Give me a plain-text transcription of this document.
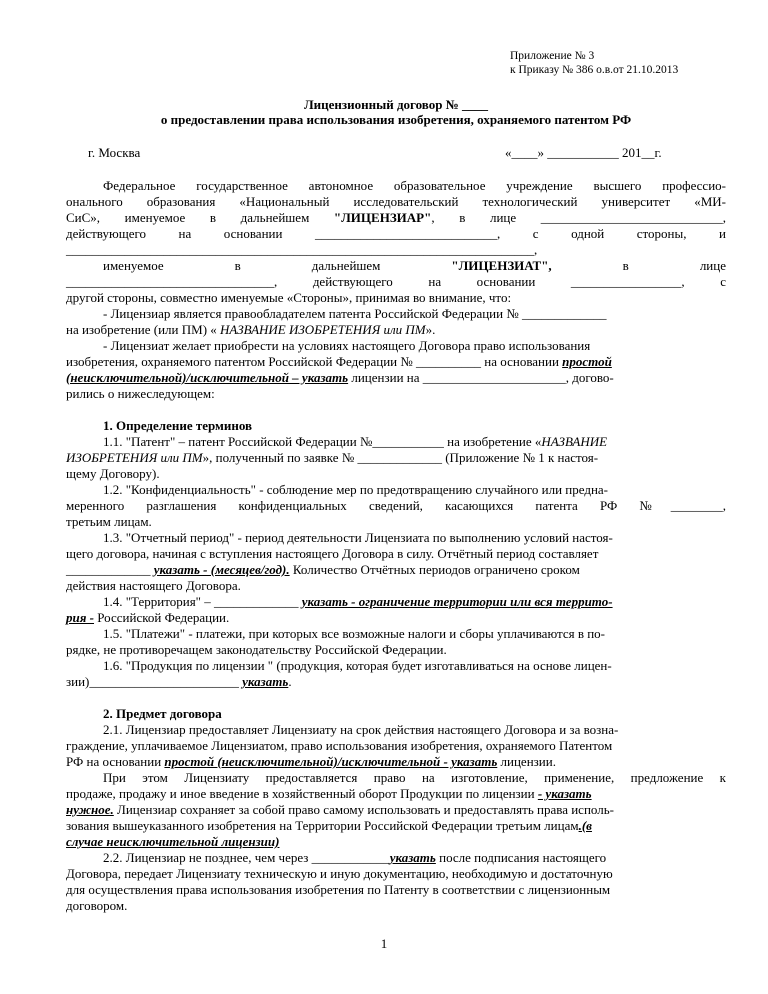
Приложение № 3

к Приказу № 386 о.в.от 21.10.2013

Лицензионный договор № ____

о предоставлении права использования изобретения, охраняемого патентом РФ

г. Москва	«____» ___________ 201__г.

Федеральное государственное автономное образовательное учреждение высшего профессио-

онального образования «Национальный исследовательский технологический университет «МИ-

СиС», именуемое в дальнейшем "ЛИЦЕНЗИАР", в лице ____________________________,

действующего на основании ____________________________, с одной стороны, и

________________________________________________________________________,

именуемое в дальнейшем "ЛИЦЕНЗИАТ", в лице

________________________________, действующего на основании _________________, с

другой стороны, совместно именуемые «Стороны», принимая во внимание, что:

- Лицензиар является правообладателем патента Российской Федерации № _____________

на изобретение (или ПМ) « НАЗВАНИЕ ИЗОБРЕТЕНИЯ или ПМ».

- Лицензиат желает приобрести на условиях настоящего Договора право использования

изобретения, охраняемого патентом Российской Федерации № __________ на основании простой

(неисключительной)/исключительной – указать лицензии на ______________________, догово-

рились о нижеследующем:

1. Определение терминов

1.1. "Патент" – патент Российской Федерации №___________ на изобретение «НАЗВАНИЕ

ИЗОБРЕТЕНИЯ или ПМ», полученный по заявке № _____________ (Приложение № 1 к настоя-

щему Договору).

1.2. "Конфиденциальность" - соблюдение мер по предотвращению случайного или предна-

меренного разглашения конфиденциальных сведений, касающихся патента РФ №________,

третьим лицам.

1.3. "Отчетный период" - период деятельности Лицензиата по выполнению условий настоя-

щего договора, начиная с вступления настоящего Договора в силу. Отчётный период составляет

_____________ указать - (месяцев/год). Количество Отчётных периодов ограничено сроком

действия настоящего Договора.

1.4. "Территория" – _____________ указать - ограничение территории или вся террито-

рия - Российской Федерации.

1.5. "Платежи" - платежи, при которых все возможные налоги и сборы уплачиваются в по-

рядке, не противоречащем законодательству Российской Федерации.

1.6. "Продукция по лицензии " (продукция, которая будет изготавливаться на основе лицен-

зии)_______________________ указать.

2. Предмет договора

2.1. Лицензиар предоставляет Лицензиату на срок действия настоящего Договора и за возна-

граждение, уплачиваемое Лицензиатом, право использования изобретения, охраняемого Патентом

РФ на основании простой (неисключительной)/исключительной - указать лицензии.

При этом Лицензиату предоставляется право на изготовление, применение, предложение к

продаже, продажу и иное введение в хозяйственный оборот Продукции по лицензии - указать

нужное. Лицензиар сохраняет за собой право самому использовать и предоставлять права исполь-

зования вышеуказанного изобретения на Территории Российской Федерации третьим лицам.(в

случае неисключительной лицензии)

2.2. Лицензиар не позднее, чем через ____________указать после подписания настоящего

Договора, передает Лицензиату техническую и иную документацию, необходимую и достаточную

для осуществления права использования изобретения по Патенту в соответствии с лицензионным

договором.

1
